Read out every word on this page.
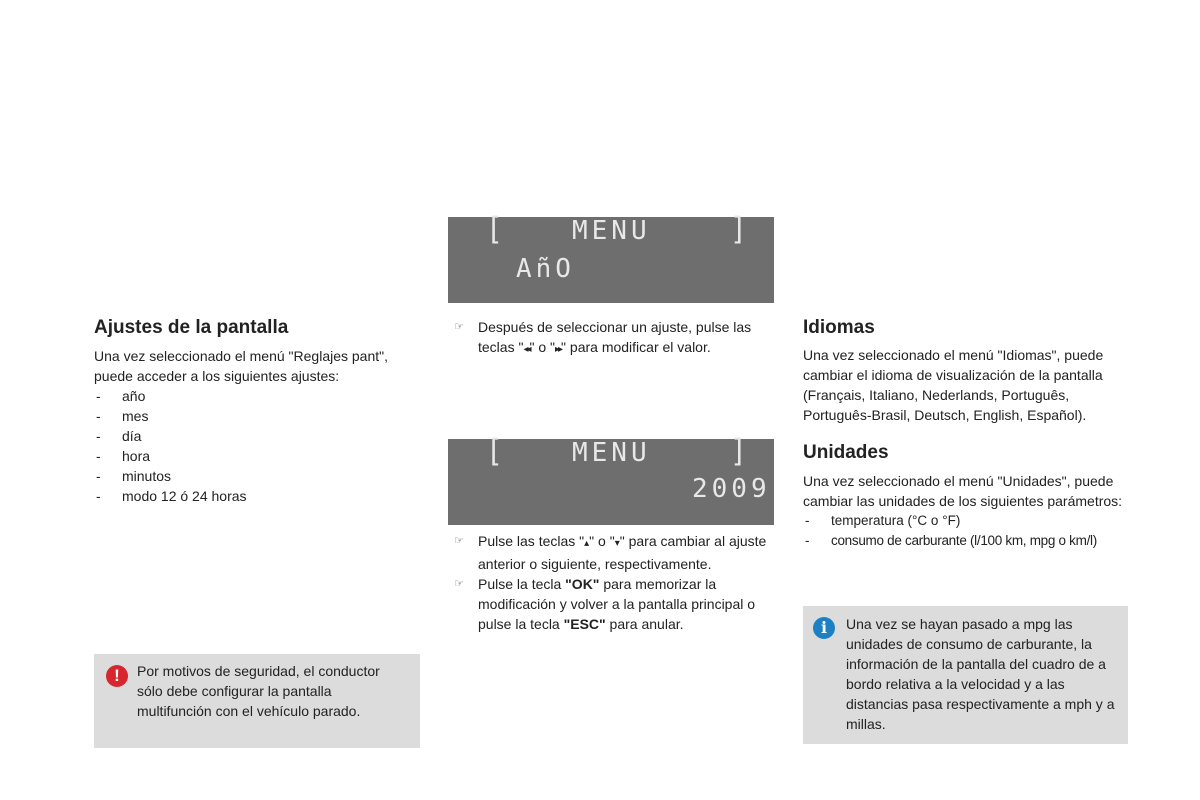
Ajustes de la pantalla

Una vez seleccionado el menú "Reglajes pant", puede acceder a los siguientes ajustes:

- año
- mes
- día
- hora
- minutos
- modo 12 ó 24 horas
!	Por motivos de seguridad, el conductor sólo debe configurar la pantalla multifunción con el vehículo parado.

[	MENU	]
AñO
☞	Después de seleccionar un ajuste, pulse las teclas "◂◂" o "▸▸" para modificar el valor.
[	MENU	]
2009
☞	Pulse las teclas "▴" o "▾" para cambiar al ajuste anterior o siguiente, respectivamente.
☞	Pulse la tecla "OK" para memorizar la modificación y volver a la pantalla principal o pulse la tecla "ESC" para anular.
Idiomas

Una vez seleccionado el menú "Idiomas", puede cambiar el idioma de visualización de la pantalla (Français, Italiano, Nederlands, Português, Português-Brasil, Deutsch, English, Español).

Unidades

Una vez seleccionado el menú "Unidades", puede cambiar las unidades de los siguientes parámetros:

- temperatura (°C o °F)
- consumo de carburante (l/100 km, mpg o km/l)
i	Una vez se hayan pasado a mpg las unidades de consumo de carburante, la información de la pantalla del cuadro de a bordo relativa a la velocidad y a las distancias pasa respectivamente a mph y a millas.
